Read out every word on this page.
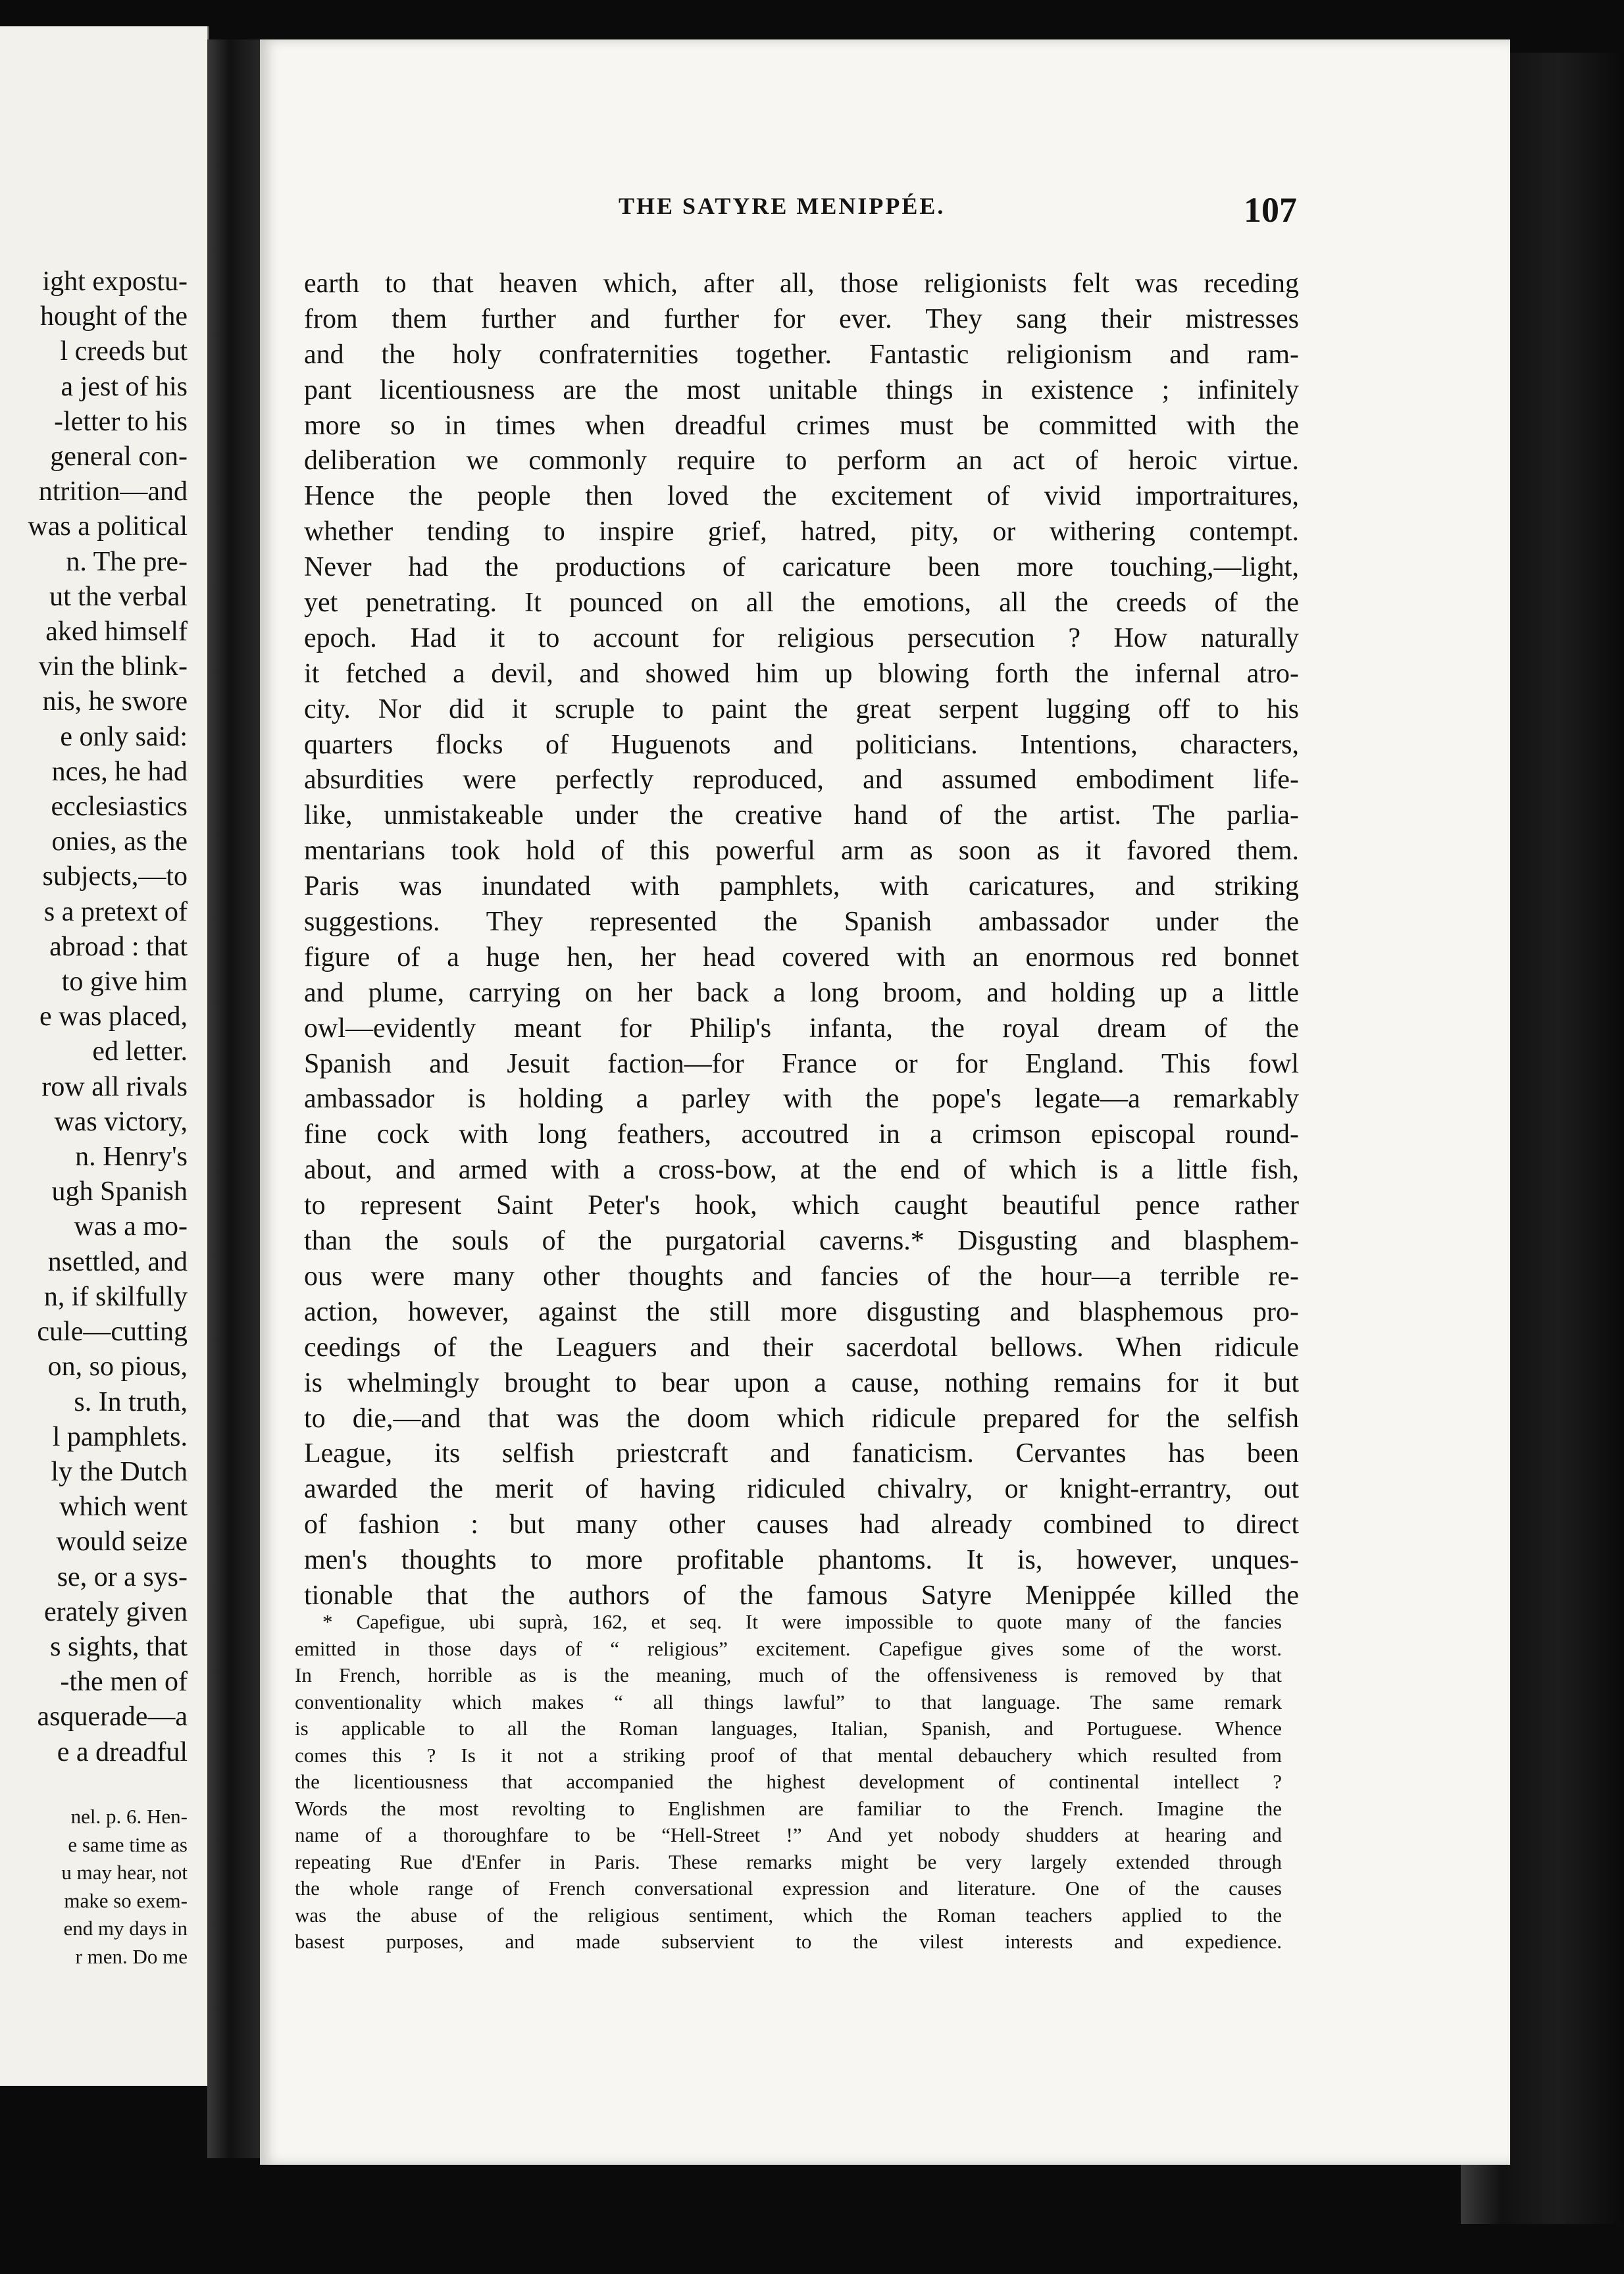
ight expostu-
hought of the
l creeds but
a jest of his
-letter to his
general con-
ntrition—and
was a political
n. The pre-
ut the verbal
aked himself
vin the blink-
nis, he swore
e only said:
nces, he had
ecclesiastics
onies, as the
subjects,—to
s a pretext of
abroad : that
to give him
e was placed,
ed letter.
row all rivals
was victory,
n. Henry's
ugh Spanish
was a mo-
nsettled, and
n, if skilfully
cule—cutting
on, so pious,
s. In truth,
l pamphlets.
ly the Dutch
which went
would seize
se, or a sys-
erately given
s sights, that
-the men of
asquerade—a
e a dreadful
nel. p. 6. Hen-
e same time as
u may hear, not
make so exem-
end my days in
r men. Do me
THE SATYRE MENIPPÉE.	107
earth to that heaven which, after all, those religionists felt was receding
from them further and further for ever. They sang their mistresses
and the holy confraternities together. Fantastic religionism and ram-
pant licentiousness are the most unitable things in existence ; infinitely
more so in times when dreadful crimes must be committed with the
deliberation we commonly require to perform an act of heroic virtue.
Hence the people then loved the excitement of vivid importraitures,
whether tending to inspire grief, hatred, pity, or withering contempt.
Never had the productions of caricature been more touching,—light,
yet penetrating. It pounced on all the emotions, all the creeds of the
epoch. Had it to account for religious persecution ? How naturally
it fetched a devil, and showed him up blowing forth the infernal atro-
city. Nor did it scruple to paint the great serpent lugging off to his
quarters flocks of Huguenots and politicians. Intentions, characters,
absurdities were perfectly reproduced, and assumed embodiment life-
like, unmistakeable under the creative hand of the artist. The parlia-
mentarians took hold of this powerful arm as soon as it favored them.
Paris was inundated with pamphlets, with caricatures, and striking
suggestions. They represented the Spanish ambassador under the
figure of a huge hen, her head covered with an enormous red bonnet
and plume, carrying on her back a long broom, and holding up a little
owl—evidently meant for Philip's infanta, the royal dream of the
Spanish and Jesuit faction—for France or for England. This fowl
ambassador is holding a parley with the pope's legate—a remarkably
fine cock with long feathers, accoutred in a crimson episcopal round-
about, and armed with a cross-bow, at the end of which is a little fish,
to represent Saint Peter's hook, which caught beautiful pence rather
than the souls of the purgatorial caverns.* Disgusting and blasphem-
ous were many other thoughts and fancies of the hour—a terrible re-
action, however, against the still more disgusting and blasphemous pro-
ceedings of the Leaguers and their sacerdotal bellows. When ridicule
is whelmingly brought to bear upon a cause, nothing remains for it but
to die,—and that was the doom which ridicule prepared for the selfish
League, its selfish priestcraft and fanaticism. Cervantes has been
awarded the merit of having ridiculed chivalry, or knight-errantry, out
of fashion : but many other causes had already combined to direct
men's thoughts to more profitable phantoms. It is, however, unques-
tionable that the authors of the famous Satyre Menippée killed the
* Capefigue, ubi suprà, 162, et seq. It were impossible to quote many of the fancies
emitted in those days of “ religious” excitement. Capefigue gives some of the worst.
In French, horrible as is the meaning, much of the offensiveness is removed by that
conventionality which makes “ all things lawful” to that language. The same remark
is applicable to all the Roman languages, Italian, Spanish, and Portuguese. Whence
comes this ? Is it not a striking proof of that mental debauchery which resulted from
the licentiousness that accompanied the highest development of continental intellect ?
Words the most revolting to Englishmen are familiar to the French. Imagine the
name of a thoroughfare to be “Hell-Street !” And yet nobody shudders at hearing and
repeating Rue d'Enfer in Paris. These remarks might be very largely extended through
the whole range of French conversational expression and literature. One of the causes
was the abuse of the religious sentiment, which the Roman teachers applied to the
basest purposes, and made subservient to the vilest interests and expedience.
